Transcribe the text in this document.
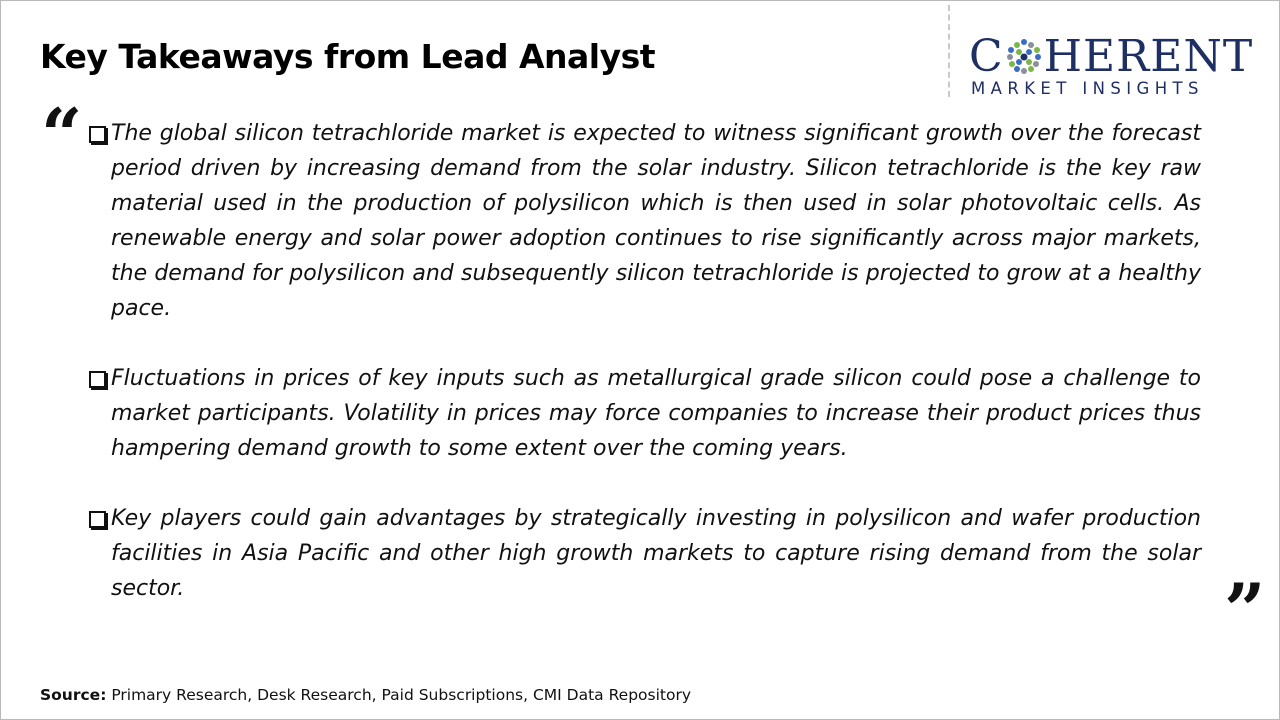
Key Takeaways from Lead Analyst	C HERENT
MARKET INSIGHTS
“	The global silicon tetrachloride market is expected to witness significant growth over the forecast period driven by increasing demand from the solar industry. Silicon tetrachloride is the key raw material used in the production of polysilicon which is then used in solar photovoltaic cells. As renewable energy and solar power adoption continues to rise significantly across major markets, the demand for polysilicon and subsequently silicon tetrachloride is projected to grow at a healthy pace.
Fluctuations in prices of key inputs such as metallurgical grade silicon could pose a challenge to market participants. Volatility in prices may force companies to increase their product prices thus hampering demand growth to some extent over the coming years.
Key players could gain advantages by strategically investing in polysilicon and wafer production facilities in Asia Pacific and other high growth markets to capture rising demand from the solar sector.	”
Source: Primary Research, Desk Research, Paid Subscriptions, CMI Data Repository
